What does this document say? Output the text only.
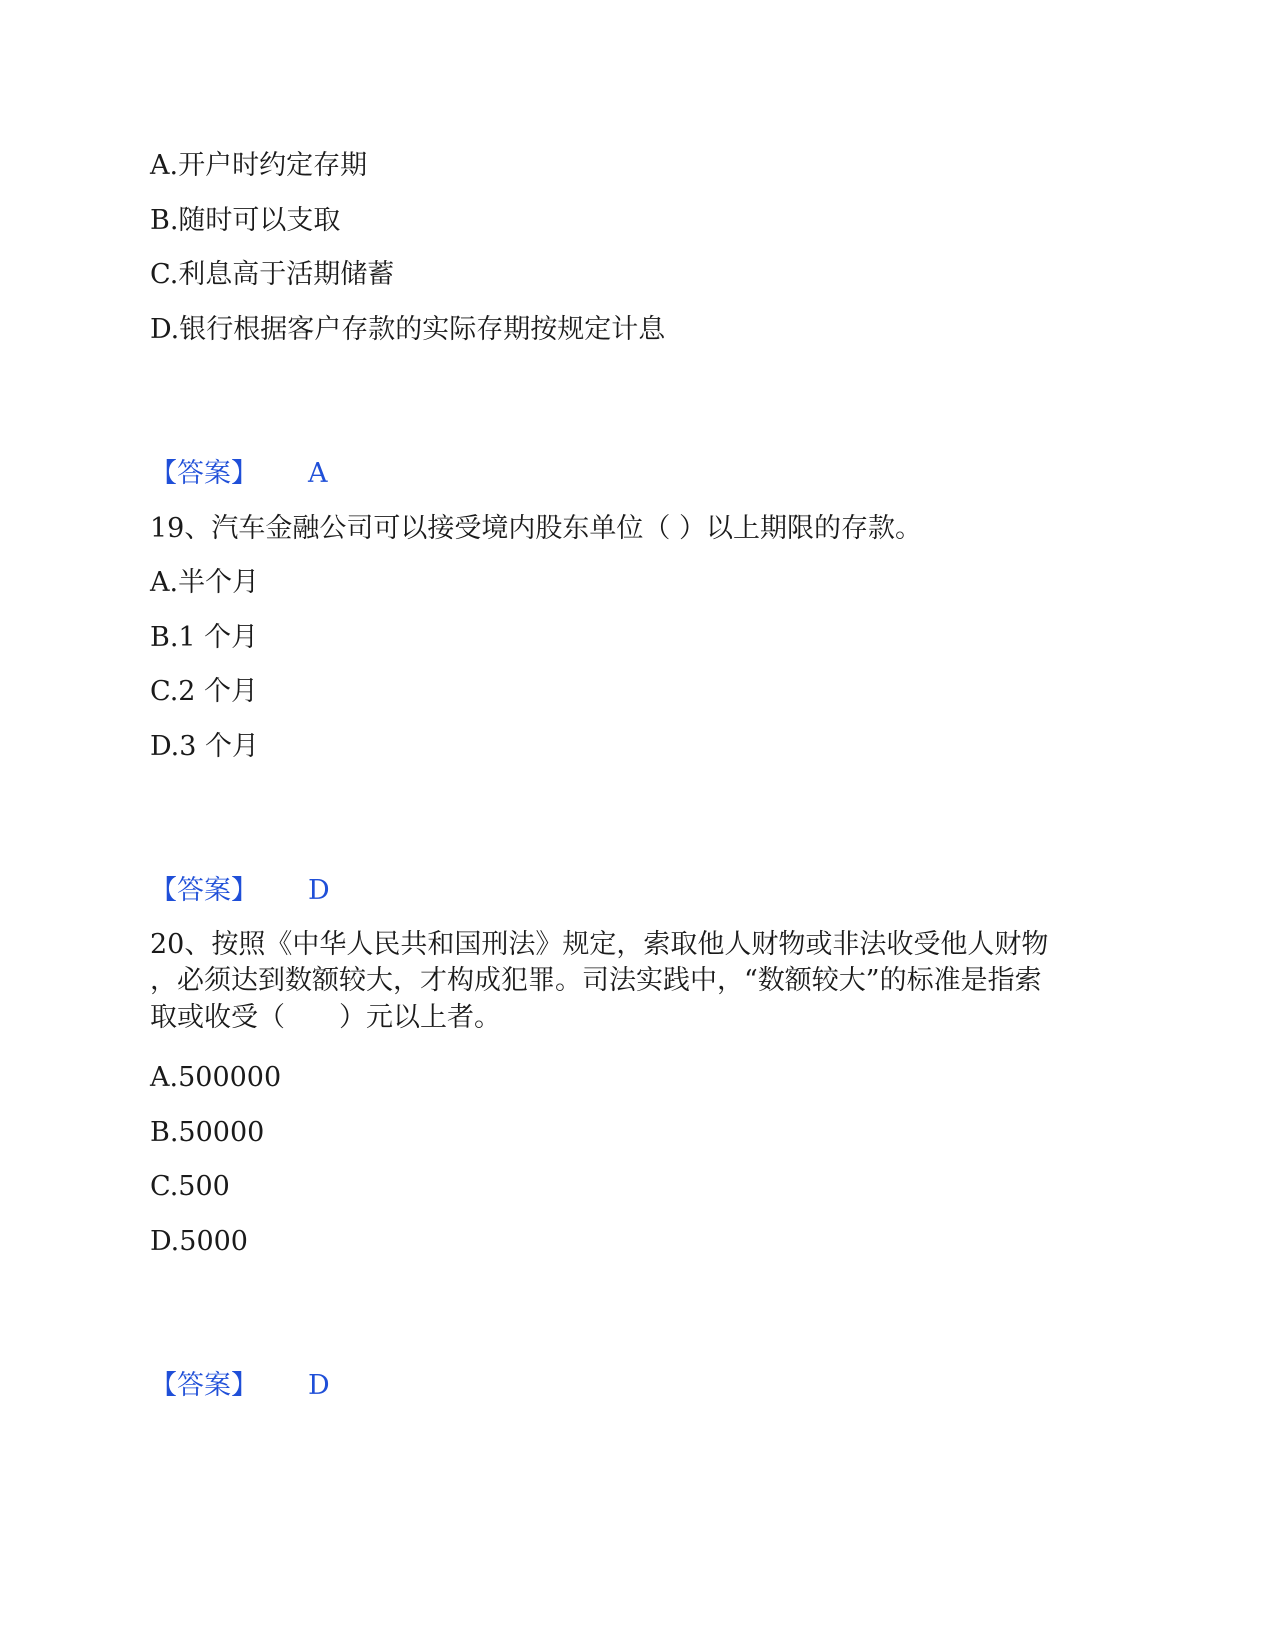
A.开户时约定存期
B.随时可以支取
C.利息高于活期储蓄
D.银行根据客户存款的实际存期按规定计息
【答案】 A
19、汽车金融公司可以接受境内股东单位（ ）以上期限的存款。
A.半个月
B.1 个月
C.2 个月
D.3 个月
【答案】 D
20、按照《中华人民共和国刑法》规定，索取他人财物或非法收受他人财物
，必须达到数额较大，才构成犯罪。司法实践中，“数额较大”的标准是指索
取或收受（　　）元以上者。
A.500000
B.50000
C.500
D.5000
【答案】 D
